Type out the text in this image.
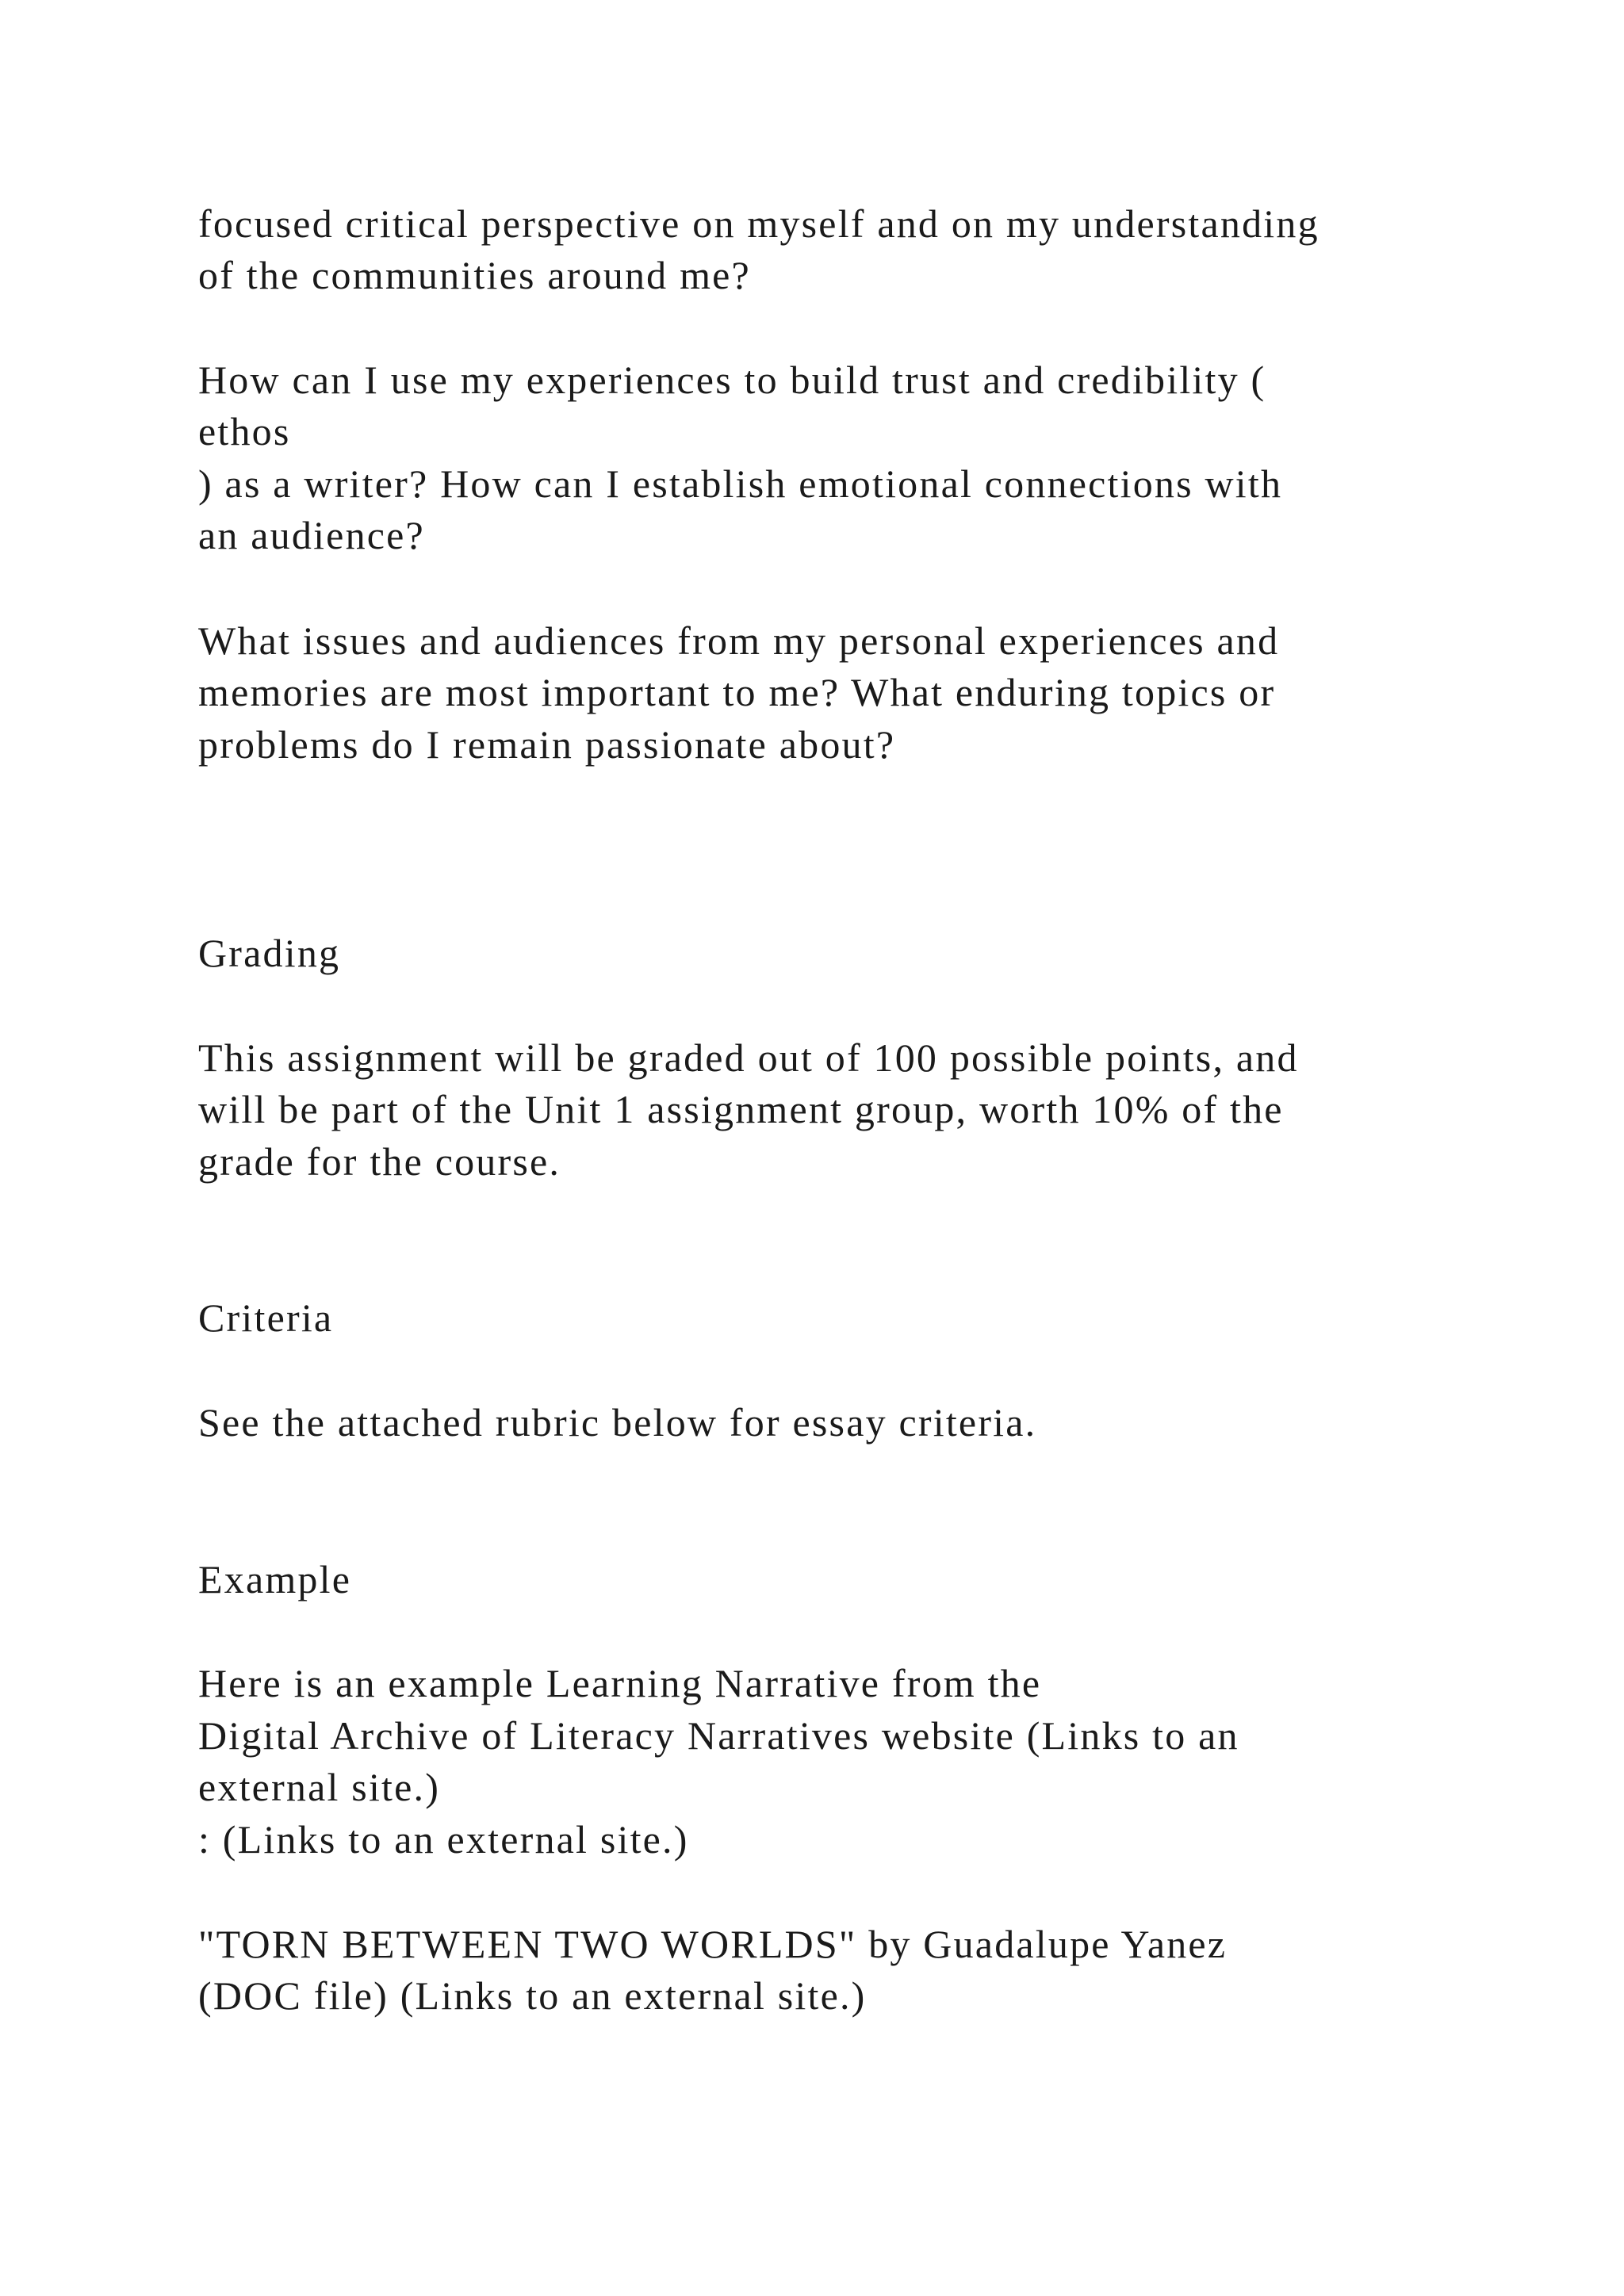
focused critical perspective on myself and on my understanding

of the communities around me?

How can I use my experiences to build trust and credibility (

ethos

) as a writer? How can I establish emotional connections with

an audience?

What issues and audiences from my personal experiences and

memories are most important to me? What enduring topics or

problems do I remain passionate about?

Grading

This assignment will be graded out of 100 possible points, and

will be part of the Unit 1 assignment group, worth 10% of the

grade for the course.

Criteria

See the attached rubric below for essay criteria.

Example

Here is an example Learning Narrative from the

Digital Archive of Literacy Narratives website (Links to an

external site.)

: (Links to an external site.)

"TORN BETWEEN TWO WORLDS" by Guadalupe Yanez

(DOC file) (Links to an external site.)
